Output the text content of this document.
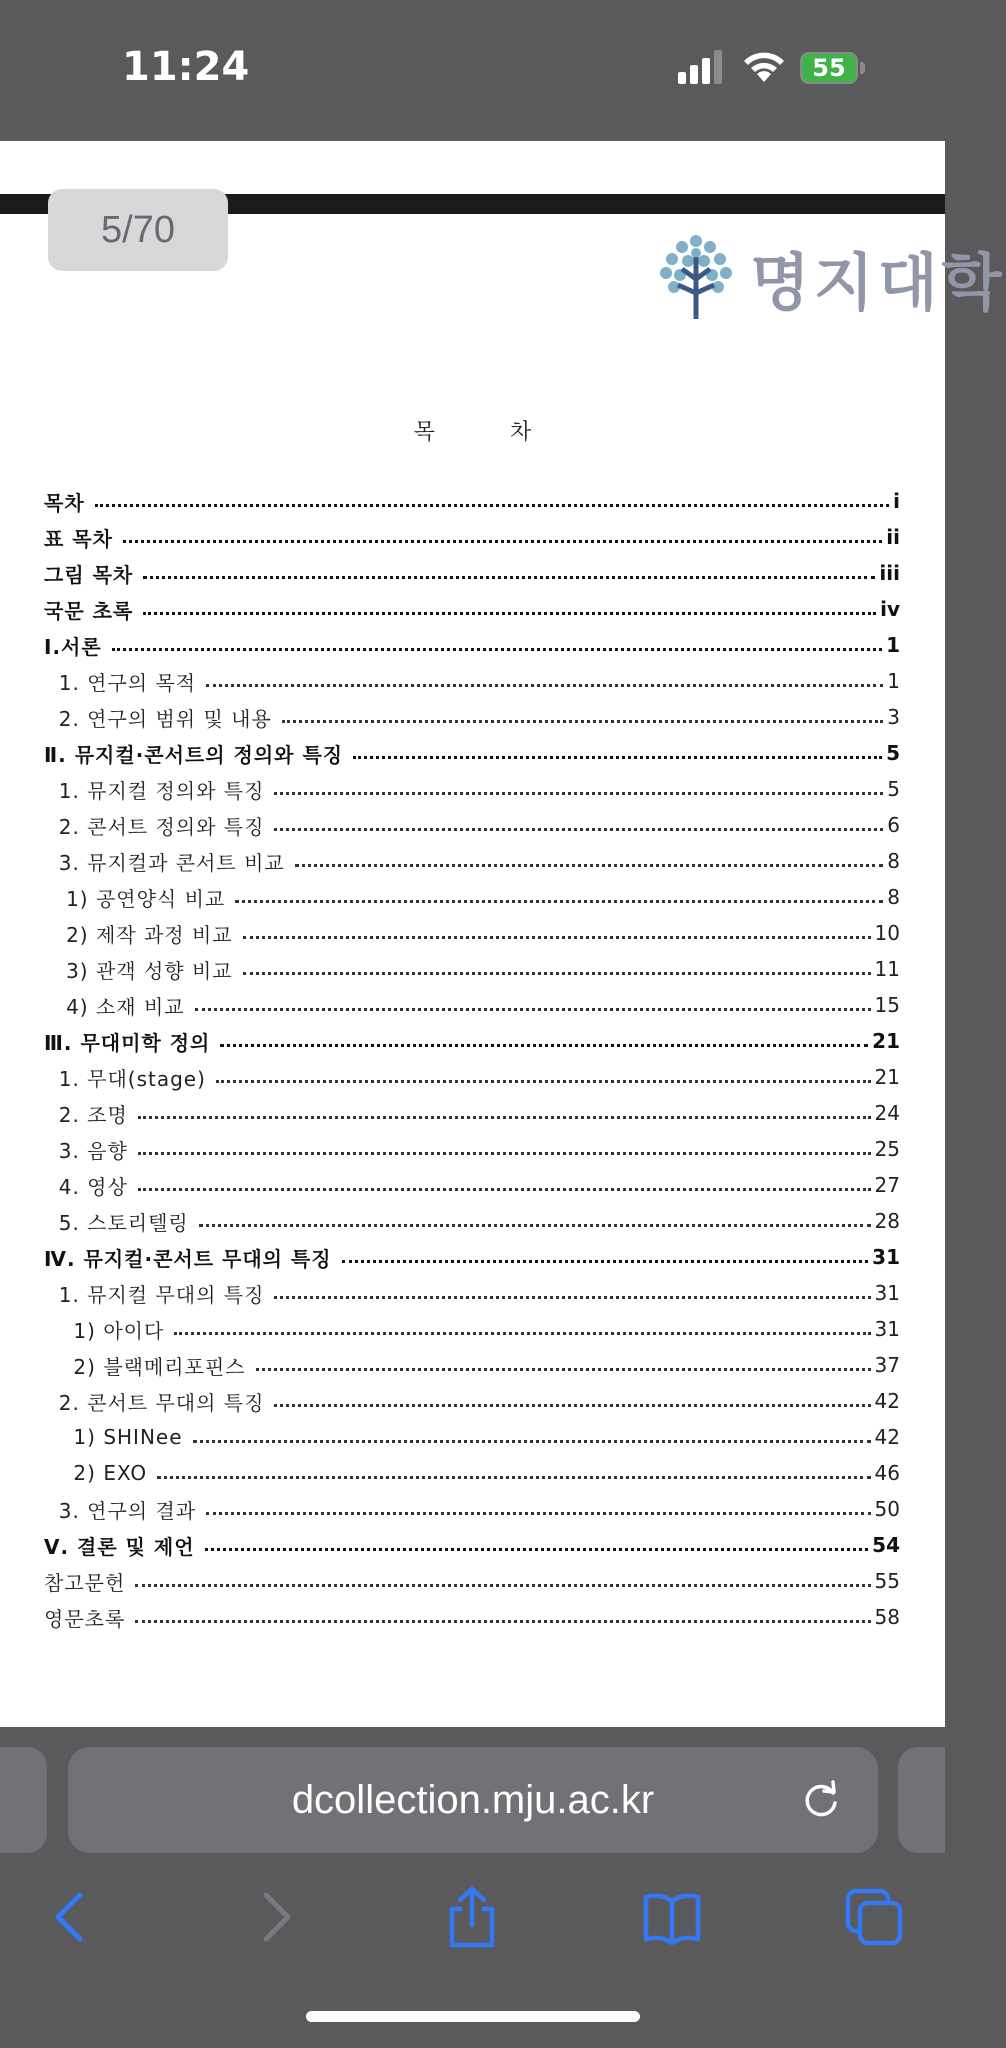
11:24	55
명지대학
5/70
목 차
목차	i
표 목차	ii
그림 목차	iii
국문 초록	iv
Ⅰ.서론	1
1. 연구의 목적	1
2. 연구의 범위 및 내용	3
Ⅱ. 뮤지컬·콘서트의 정의와 특징	5
1. 뮤지컬 정의와 특징	5
2. 콘서트 정의와 특징	6
3. 뮤지컬과 콘서트 비교	8
1) 공연양식 비교	8
2) 제작 과정 비교	10
3) 관객 성향 비교	11
4) 소재 비교	15
Ⅲ. 무대미학 정의	21
1. 무대(stage)	21
2. 조명	24
3. 음향	25
4. 영상	27
5. 스토리텔링	28
Ⅳ. 뮤지컬·콘서트 무대의 특징	31
1. 뮤지컬 무대의 특징	31
1) 아이다	31
2) 블랙메리포핀스	37
2. 콘서트 무대의 특징	42
1) SHINee	42
2) EXO	46
3. 연구의 결과	50
Ⅴ. 결론 및 제언	54
참고문헌	55
영문초록	58
dcollection.mju.ac.kr
